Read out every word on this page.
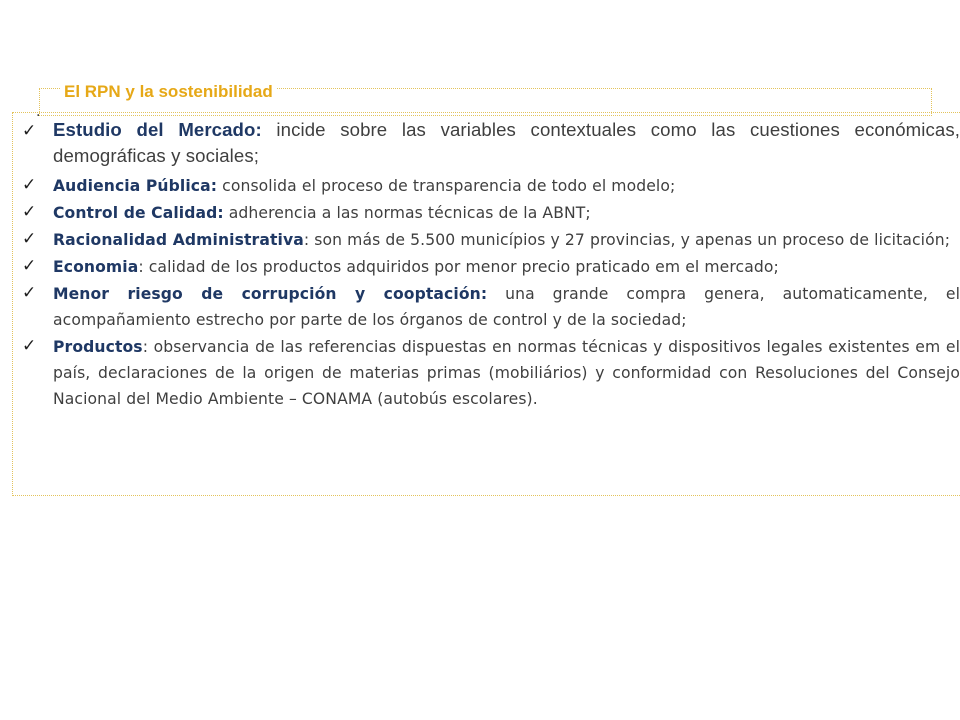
El RPN y la sostenibilidad
.
✓ Estudio del Mercado: incide sobre las variables contextuales como las cuestiones económicas, demográficas y sociales;
✓ Audiencia Pública: consolida el proceso de transparencia de todo el modelo;
✓ Control de Calidad: adherencia a las normas técnicas de la ABNT;
✓ Racionalidad Administrativa: son más de 5.500 municípios y 27 provincias, y apenas un proceso de licitación;
✓ Economia: calidad de los productos adquiridos por menor precio praticado em el mercado;
✓ Menor riesgo de corrupción y cooptación: una grande compra genera, automaticamente, el acompañamiento estrecho por parte de los órganos de control y de la sociedad;
✓ Productos: observancia de las referencias dispuestas en normas técnicas y dispositivos legales existentes em el país, declaraciones de la origen de materias primas (mobiliários) y conformidad con Resoluciones del Consejo Nacional del Medio Ambiente – CONAMA (autobús escolares).
